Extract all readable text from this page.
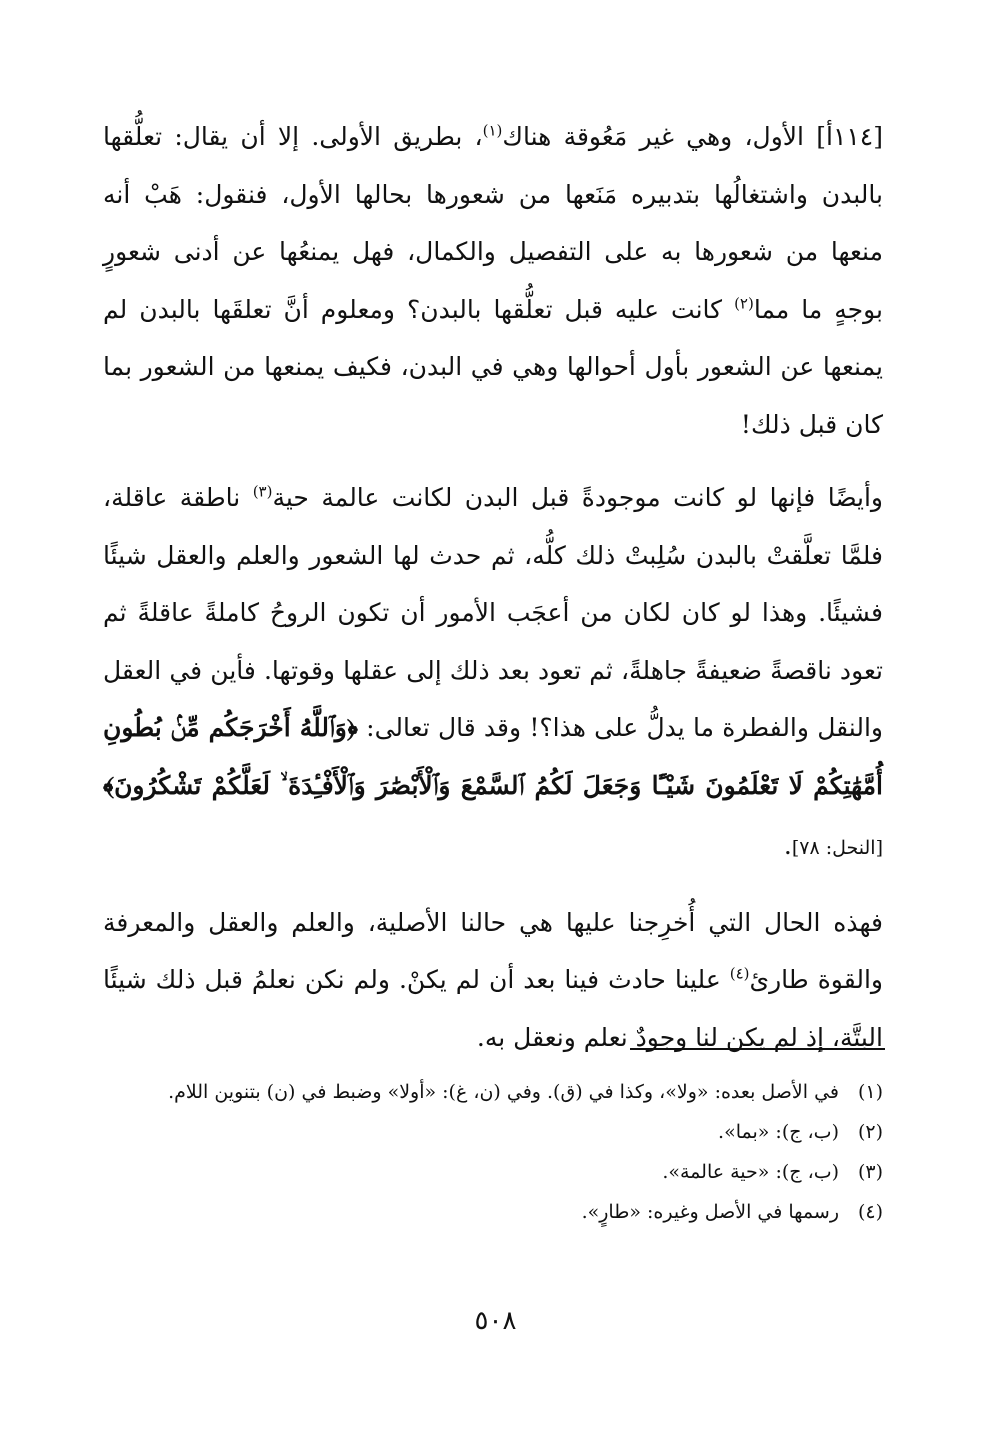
[١١٤أ] الأول، وهي غير مَعُوقة هناك$^{(١)}$، بطريق الأولى. إلا أن يقال: تعلُّقها بالبدن واشتغالُها بتدبيره مَنَعها من شعورها بحالها الأول، فنقول: هَبْ أنه منعها من شعورها به على التفصيل والكمال، فهل يمنعُها عن أدنى شعورٍ بوجهٍ ما مما$^{(٢)}$ كانت عليه قبل تعلُّقها بالبدن؟ ومعلوم أنَّ تعلقَها بالبدن لم يمنعها عن الشعور بأول أحوالها وهي في البدن، فكيف يمنعها من الشعور بما كان قبل ذلك!

وأيضًا فإنها لو كانت موجودةً قبل البدن لكانت عالمة حية$^{(٣)}$ ناطقة عاقلة، فلمَّا تعلَّقتْ بالبدن سُلِبتْ ذلك كلُّه، ثم حدث لها الشعور والعلم والعقل شيئًا فشيئًا. وهذا لو كان لكان من أعجَب الأمور أن تكون الروحُ كاملةً عاقلةً ثم تعود ناقصةً ضعيفةً جاهلةً، ثم تعود بعد ذلك إلى عقلها وقوتها. فأين في العقل والنقل والفطرة ما يدلُّ على هذا؟! وقد قال تعالى: ﴿وَٱللَّهُ أَخْرَجَكُم مِّنۢ بُطُونِ أُمَّهَٰتِكُمْ لَا تَعْلَمُونَ شَيْـًٔا وَجَعَلَ لَكُمُ ٱلسَّمْعَ وَٱلْأَبْصَٰرَ وَٱلْأَفْـِٔدَةَ ۙ لَعَلَّكُمْ تَشْكُرُونَ﴾ [النحل: ٧٨].

فهذه الحال التي أُخرِجنا عليها هي حالنا الأصلية، والعلم والعقل والمعرفة والقوة طارئ$^{(٤)}$ علينا حادث فينا بعد أن لم يكنْ. ولم نكن نعلمُ قبل ذلك شيئًا البتَّة، إذ لم يكن لنا وجودٌ نعلم ونعقل به.

(١)
في الأصل بعده: «ولا»، وكذا في (ق). وفي (ن، غ): «أولا» وضبط في (ن) بتنوين اللام.
(٢)
(ب، ج): «بما».
(٣)
(ب، ج): «حية عالمة».
(٤)
رسمها في الأصل وغيره: «طارٍ».
٥٠٨
